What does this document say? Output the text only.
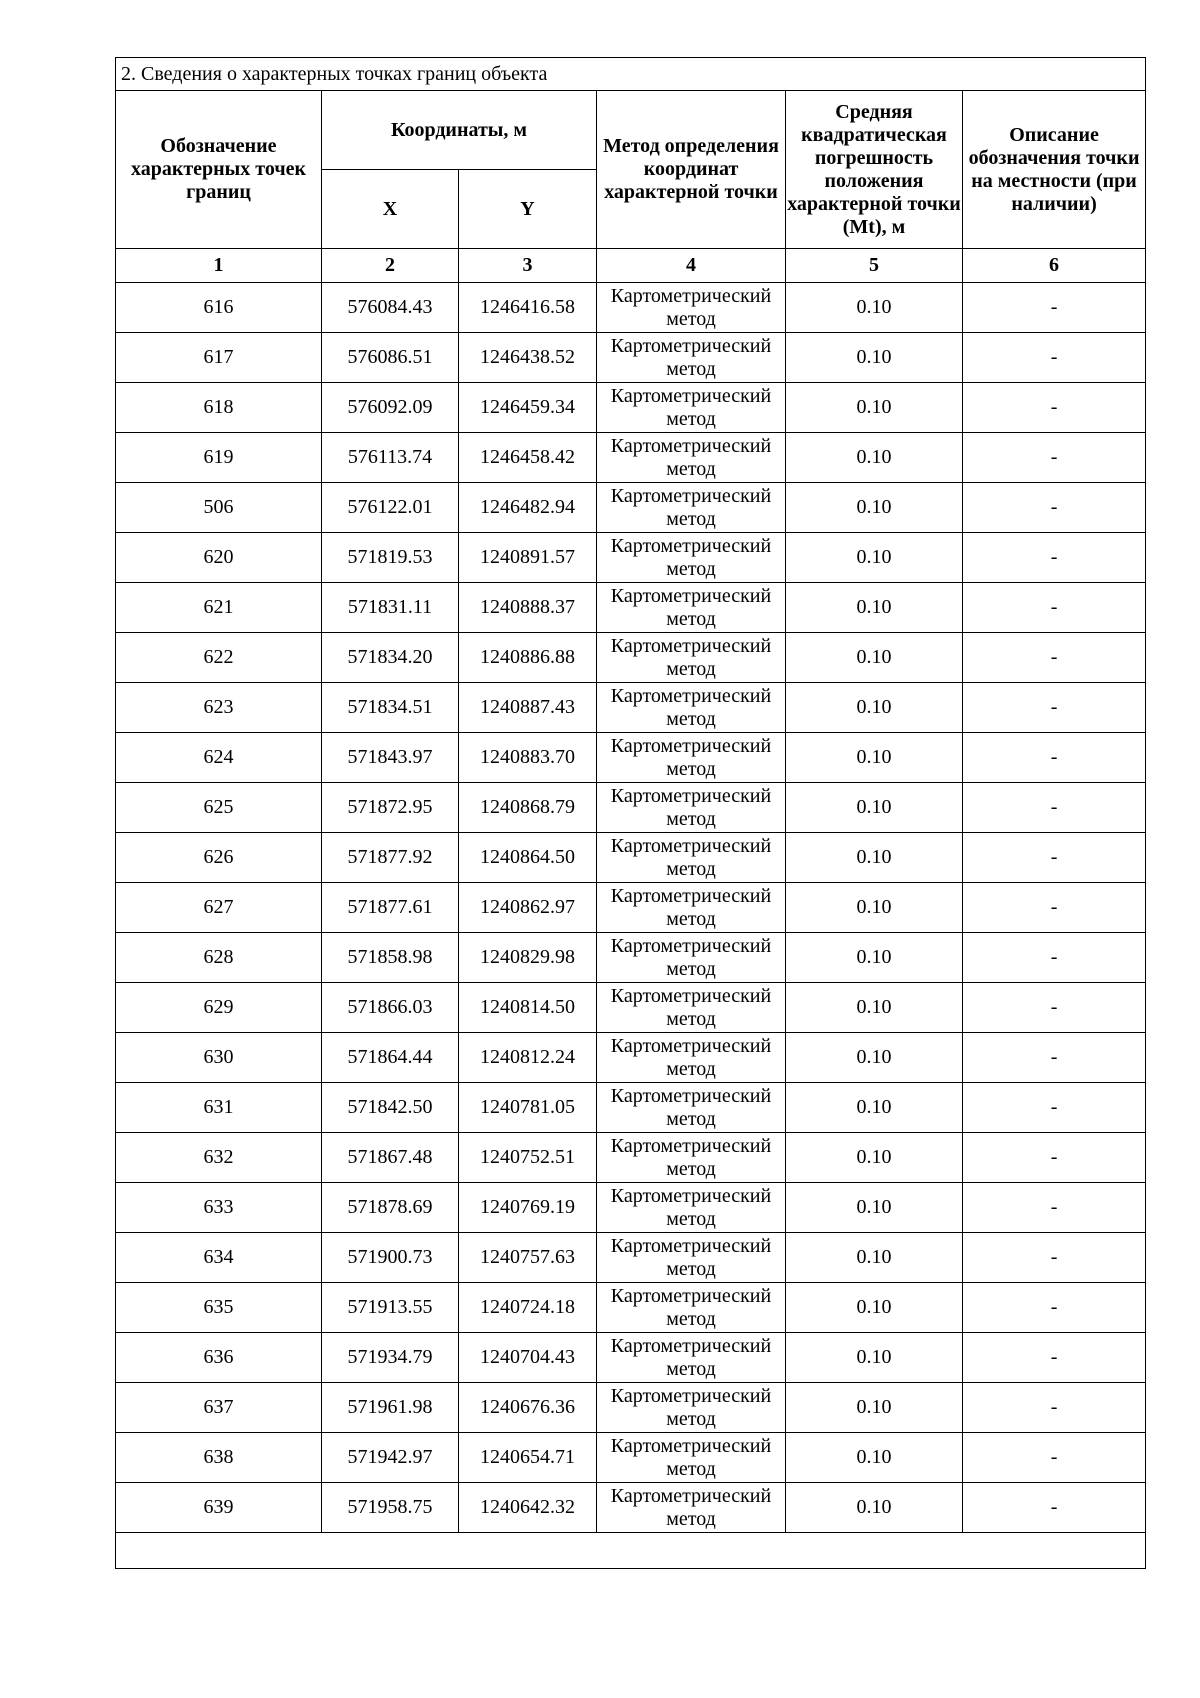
2. Сведения о характерных точках границ объекта					
Обозначение характерных точек границ	Координаты, м		Метод определения координат характерной точки	Средняя квадратическая погрешность положения характерной точки (Mt), м	Описание обозначения точки на местности (при наличии)
	X	Y			
1	2	3	4	5	6
616	576084.43	1246416.58	Картометрический метод	0.10	-
617	576086.51	1246438.52	Картометрический метод	0.10	-
618	576092.09	1246459.34	Картометрический метод	0.10	-
619	576113.74	1246458.42	Картометрический метод	0.10	-
506	576122.01	1246482.94	Картометрический метод	0.10	-
620	571819.53	1240891.57	Картометрический метод	0.10	-
621	571831.11	1240888.37	Картометрический метод	0.10	-
622	571834.20	1240886.88	Картометрический метод	0.10	-
623	571834.51	1240887.43	Картометрический метод	0.10	-
624	571843.97	1240883.70	Картометрический метод	0.10	-
625	571872.95	1240868.79	Картометрический метод	0.10	-
626	571877.92	1240864.50	Картометрический метод	0.10	-
627	571877.61	1240862.97	Картометрический метод	0.10	-
628	571858.98	1240829.98	Картометрический метод	0.10	-
629	571866.03	1240814.50	Картометрический метод	0.10	-
630	571864.44	1240812.24	Картометрический метод	0.10	-
631	571842.50	1240781.05	Картометрический метод	0.10	-
632	571867.48	1240752.51	Картометрический метод	0.10	-
633	571878.69	1240769.19	Картометрический метод	0.10	-
634	571900.73	1240757.63	Картометрический метод	0.10	-
635	571913.55	1240724.18	Картометрический метод	0.10	-
636	571934.79	1240704.43	Картометрический метод	0.10	-
637	571961.98	1240676.36	Картометрический метод	0.10	-
638	571942.97	1240654.71	Картометрический метод	0.10	-
639	571958.75	1240642.32	Картометрический метод	0.10	-
